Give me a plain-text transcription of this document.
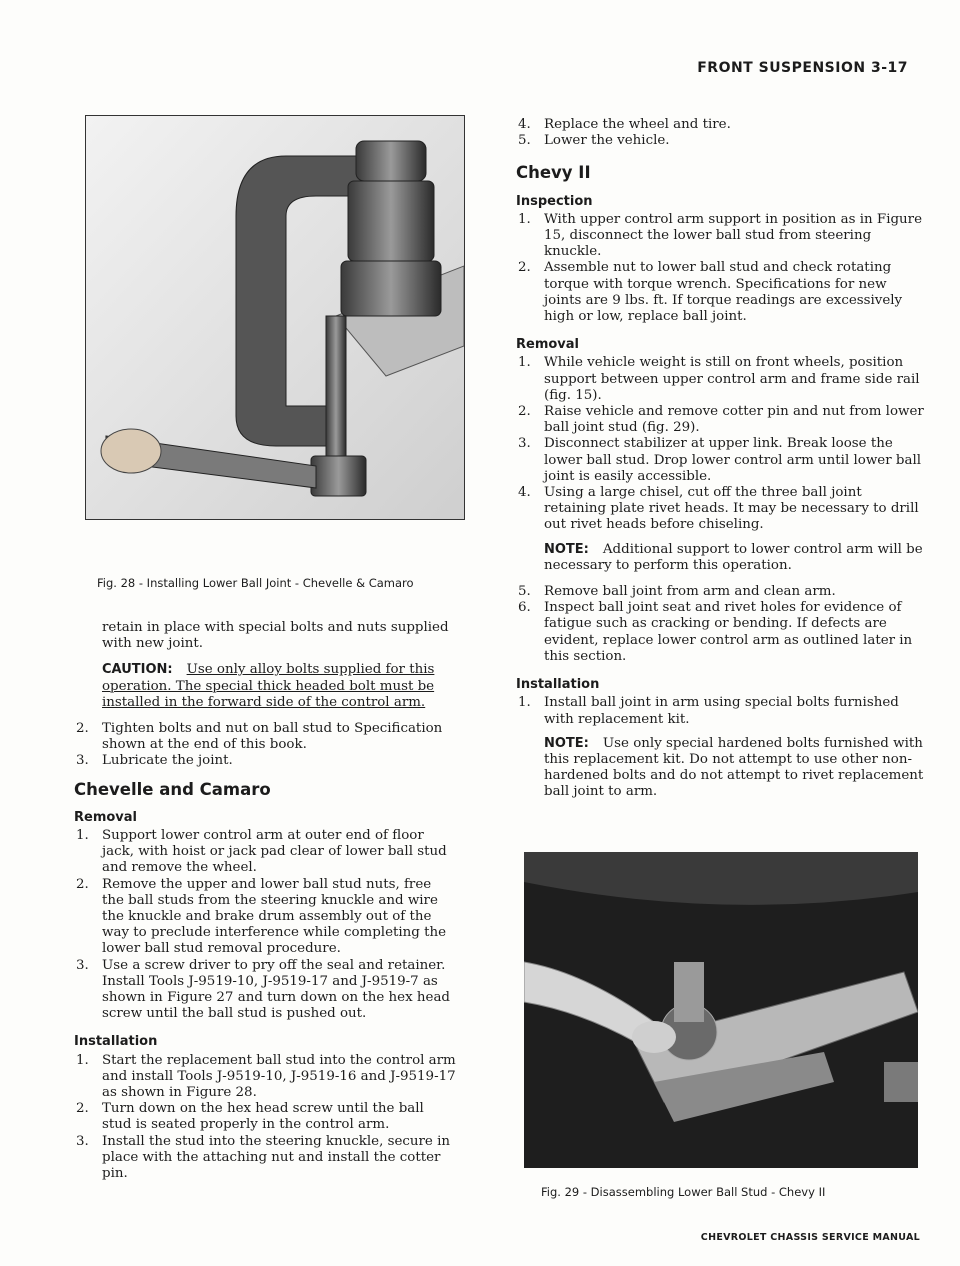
FRONT SUSPENSION 3-17
Fig. 28 - Installing Lower Ball Joint - Chevelle & Camaro

retain in place with special bolts and nuts supplied with new joint.

CAUTION: Use only alloy bolts supplied for this operation. The special thick headed bolt must be installed in the forward side of the control arm.
2. Tighten bolts and nut on ball stud to Specification shown at the end of this book.
3. Lubricate the joint.
Chevelle and Camaro
Removal
1. Support lower control arm at outer end of floor jack, with hoist or jack pad clear of lower ball stud and remove the wheel.
2. Remove the upper and lower ball stud nuts, free the ball studs from the steering knuckle and wire the knuckle and brake drum assembly out of the way to preclude interference while completing the lower ball stud removal procedure.
3. Use a screw driver to pry off the seal and retainer. Install Tools J-9519-10, J-9519-17 and J-9519-7 as shown in Figure 27 and turn down on the hex head screw until the ball stud is pushed out.
Installation
1. Start the replacement ball stud into the control arm and install Tools J-9519-10, J-9519-16 and J-9519-17 as shown in Figure 28.
2. Turn down on the hex head screw until the ball stud is seated properly in the control arm.
3. Install the stud into the steering knuckle, secure in place with the attaching nut and install the cotter pin.
4. Replace the wheel and tire.
5. Lower the vehicle.
Chevy II
Inspection
1. With upper control arm support in position as in Figure 15, disconnect the lower ball stud from steering knuckle.
2. Assemble nut to lower ball stud and check rotating torque with torque wrench. Specifications for new joints are 9 lbs. ft. If torque readings are excessively high or low, replace ball joint.
Removal
1. While vehicle weight is still on front wheels, position support between upper control arm and frame side rail (fig. 15).
2. Raise vehicle and remove cotter pin and nut from lower ball joint stud (fig. 29).
3. Disconnect stabilizer at upper link. Break loose the lower ball stud. Drop lower control arm until lower ball joint is easily accessible.
4. Using a large chisel, cut off the three ball joint retaining plate rivet heads. It may be necessary to drill out rivet heads before chiseling.
NOTE: Additional support to lower control arm will be necessary to perform this operation.
5. Remove ball joint from arm and clean arm.
6. Inspect ball joint seat and rivet holes for evidence of fatigue such as cracking or bending. If defects are evident, replace lower control arm as outlined later in this section.
Installation
1. Install ball joint in arm using special bolts furnished with replacement kit.
NOTE: Use only special hardened bolts furnished with this replacement kit. Do not attempt to use other non-hardened bolts and do not attempt to rivet replacement ball joint to arm.
Fig. 29 - Disassembling Lower Ball Stud - Chevy II
CHEVROLET CHASSIS SERVICE MANUAL
